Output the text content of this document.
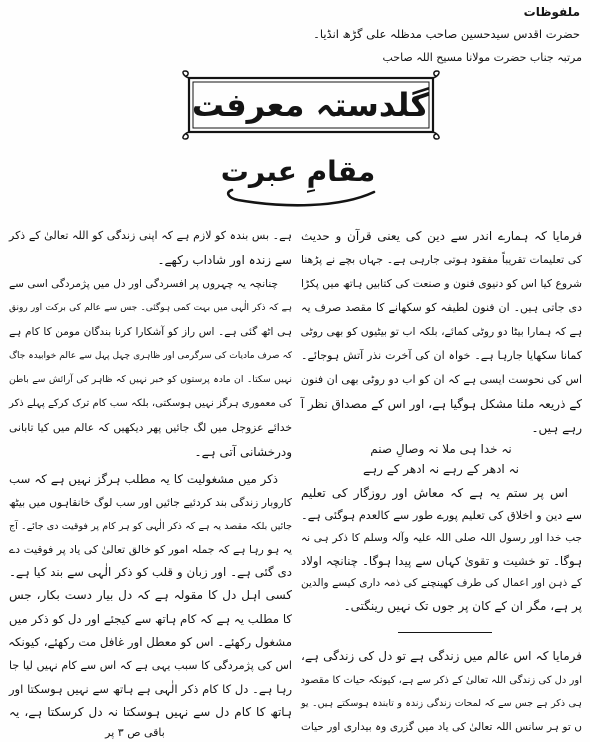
ملفوظات
حضرت اقدس سیدحسین صاحب مدظلہ علی گڑھ انڈیا۔
مرتبہ جناب حضرت مولانا مسیح اللہ صاحب
گلدستہ معرفت
مقامِ عبرت
فرمایا کہ ہمارے اندر سے دین کی یعنی قرآن و حدیث
کی تعلیمات تقریباً مفقود ہوتی جارہی ہے۔ جہاں بچے نے پڑھنا
شروع کیا اس کو دنیوی فنون و صنعت کی کتابیں ہاتھ میں پکڑا
دی جاتی ہیں۔ ان فنون لطیفہ کو سکھانے کا مقصد صرف یہ
ہے کہ ہمارا بیٹا دو روٹی کمائے، بلکہ اب تو بیٹیوں کو بھی روٹی
کمانا سکھایا جارہا ہے۔ خواہ ان کی آخرت نذر آتش ہوجائے۔
اس کی نحوست ایسی ہے کہ ان کو اب دو روٹی بھی ان فنون
کے ذریعہ ملنا مشکل ہوگیا ہے، اور اس کے مصداق نظر آ
رہے ہیں۔
نہ خدا ہی ملا نہ وصالِ صنم
نہ ادھر کے رہے نہ ادھر کے رہے
اس پر ستم یہ ہے کہ معاش اور روزگار کی تعلیم
سے دین و اخلاق کی تعلیم پورے طور سے کالعدم ہوگئی ہے۔
جب خدا اور رسول اللہ صلی اللہ علیہ وآلہ وسلم کا ذکر ہی نہ
ہوگا۔ تو خشیت و تقویٰ کہاں سے پیدا ہوگا۔ چنانچہ اولاد
کے ذہن اور اعمال کی طرف کھینچنے کی ذمہ داری کیسے والدین
پر ہے، مگر ان کے کان پر جوں تک نہیں رینگتی۔
فرمایا کہ اس عالم میں زندگی ہے تو دل کی زندگی ہے،
اور دل کی زندگی اللہ تعالیٰ کے ذکر سے ہے، کیونکہ حیات کا مقصود
ہی ذکر ہے جس سے کہ لمحات زندگی زندہ و تابندہ ہوسکتے ہیں۔ یو
ں تو ہر سانس اللہ تعالیٰ کی یاد میں گزری وہ بیداری اور حیات
ہے۔ بس بندہ کو لازم ہے کہ اپنی زندگی کو اللہ تعالیٰ کے ذکر
سے زندہ اور شاداب رکھے۔
چنانچہ یہ چہروں پر افسردگی اور دل میں پژمردگی اسی سے
ہے کہ ذکر الٰہی میں بہت کمی ہوگئی۔ جس سے عالم کی برکت اور رونق
ہی اٹھ گئی ہے۔ اس راز کو آشکارا کرنا بندگان مومن کا کام ہے
کہ صرف مادیات کی سرگرمی اور ظاہری چہل پہل سے عالم خوابیدہ جاگ
نہیں سکتا۔ ان مادہ پرستوں کو خبر نہیں کہ ظاہر کی آرائش سے باطن
کی معموری ہرگز نہیں ہوسکتی، بلکہ سب کام ترک کرکے پہلے ذکر
خدائے عزوجل میں لگ جائیں پھر دیکھیں کہ عالم میں کیا تابانی
ودرخشانی آتی ہے۔
ذکر میں مشغولیت کا یہ مطلب ہرگز نہیں ہے کہ سب
کاروبار زندگی بند کردئیے جائیں اور سب لوگ خانقاہوں میں بیٹھ
جائیں بلکہ مقصد یہ ہے کہ ذکر الٰہی کو ہر کام پر فوقیت دی جائے۔ آج
یہ ہو رہا ہے کہ جملہ امور کو خالق تعالیٰ کی یاد پر فوقیت دے
دی گئی ہے۔ اور زبان و قلب کو ذکر الٰہی سے بند کیا ہے۔
کسی اہل دل کا مقولہ ہے کہ دل بیار دست بکار، جس
کا مطلب یہ ہے کہ کام ہاتھ سے کیجئے اور دل کو ذکر میں
مشغول رکھئے۔ اس کو معطل اور غافل مت رکھئے، کیونکہ
اس کی پژمردگی کا سبب یہی ہے کہ اس سے کام نہیں لیا جا
رہا ہے۔ دل کا کام ذکر الٰہی ہے ہاتھ سے نہیں ہوسکتا اور
ہاتھ کا کام دل سے نہیں ہوسکتا نہ دل کرسکتا ہے، یہ
باقی ص ۳ پر
